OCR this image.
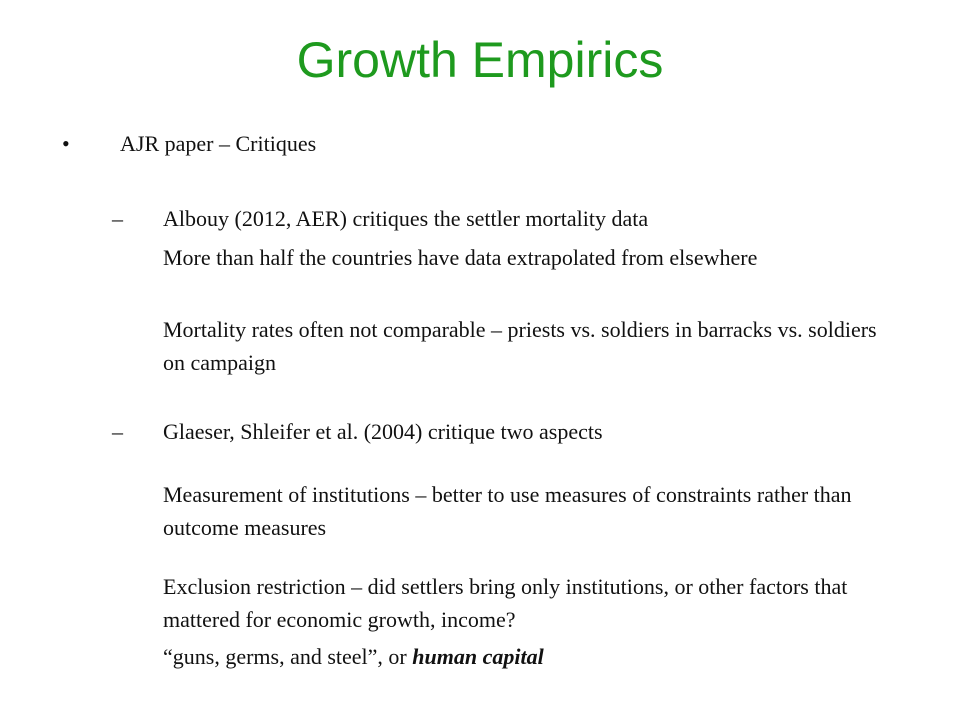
Growth Empirics
• AJR paper – Critiques
– Albouy (2012, AER) critiques the settler mortality data
More than half the countries have data extrapolated from elsewhere
Mortality rates often not comparable – priests vs. soldiers in barracks vs. soldiers on campaign
– Glaeser, Shleifer et al. (2004) critique two aspects
Measurement of institutions – better to use measures of constraints rather than outcome measures
Exclusion restriction – did settlers bring only institutions, or other factors that mattered for economic growth, income?
“guns, germs, and steel”, or human capital
